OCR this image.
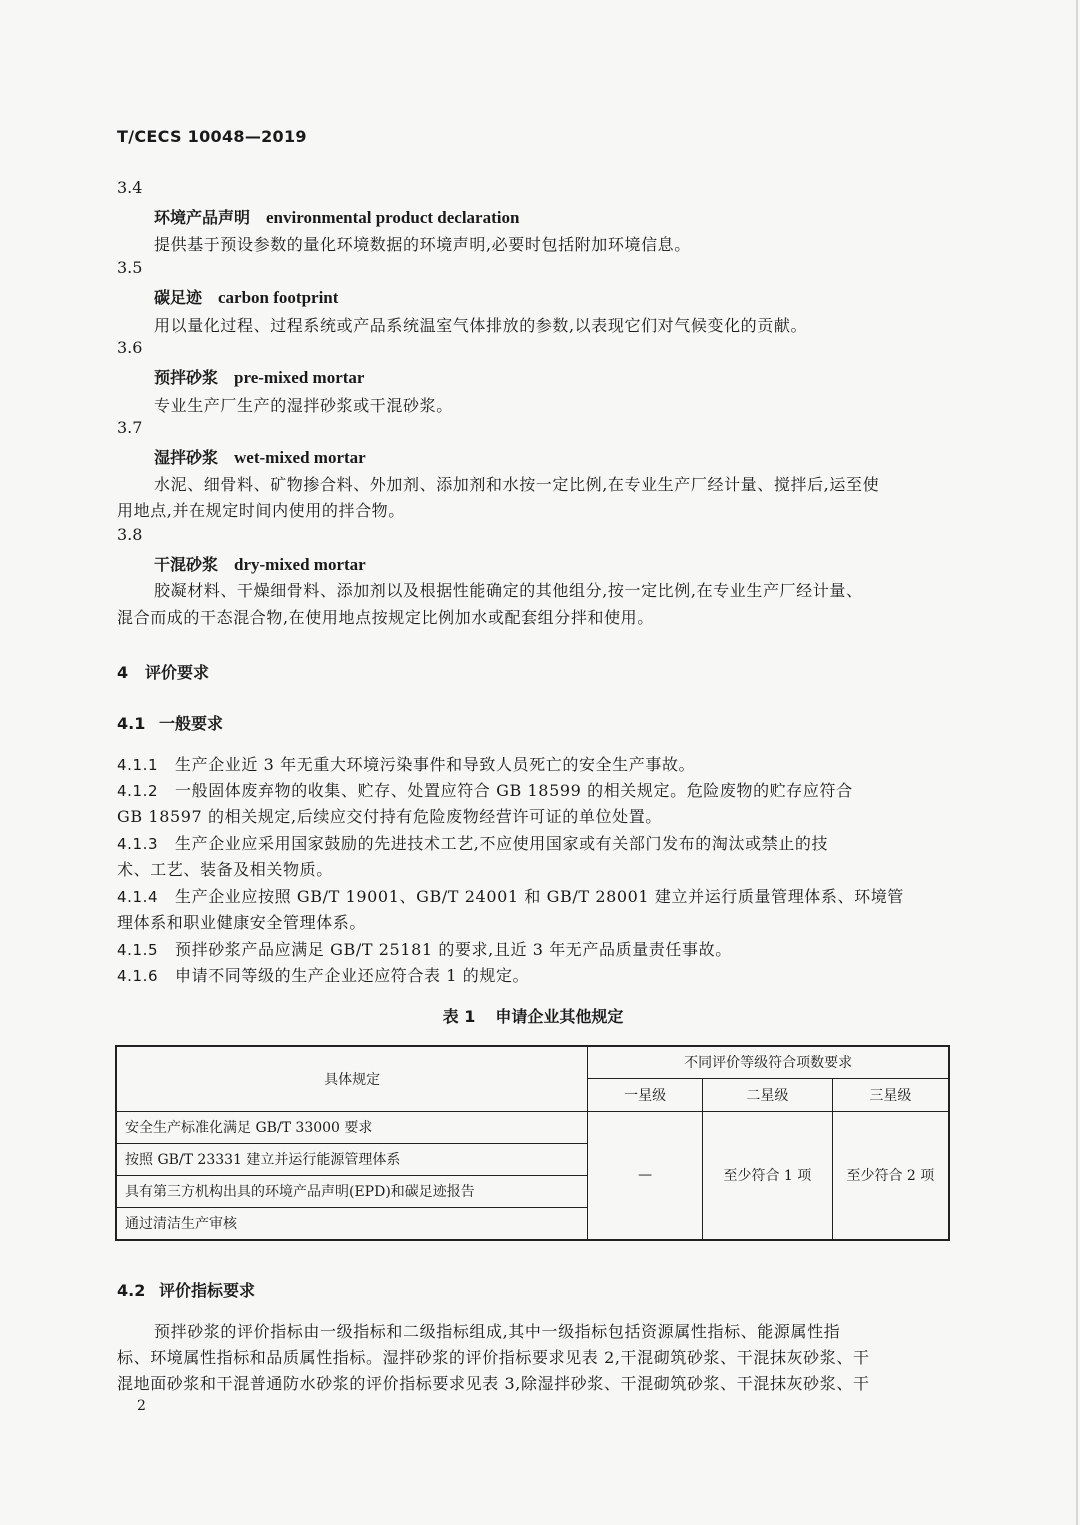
T/CECS 10048—2019
3.4
环境产品声明 environmental product declaration
提供基于预设参数的量化环境数据的环境声明,必要时包括附加环境信息。
3.5
碳足迹 carbon footprint
用以量化过程、过程系统或产品系统温室气体排放的参数,以表现它们对气候变化的贡献。
3.6
预拌砂浆 pre-mixed mortar
专业生产厂生产的湿拌砂浆或干混砂浆。
3.7
湿拌砂浆 wet-mixed mortar
水泥、细骨料、矿物掺合料、外加剂、添加剂和水按一定比例,在专业生产厂经计量、搅拌后,运至使
用地点,并在规定时间内使用的拌合物。
3.8
干混砂浆 dry-mixed mortar
胶凝材料、干燥细骨料、添加剂以及根据性能确定的其他组分,按一定比例,在专业生产厂经计量、
混合而成的干态混合物,在使用地点按规定比例加水或配套组分拌和使用。
4 评价要求
4.1 一般要求
4.1.1 生产企业近 3 年无重大环境污染事件和导致人员死亡的安全生产事故。
4.1.2 一般固体废弃物的收集、贮存、处置应符合 GB 18599 的相关规定。危险废物的贮存应符合
GB 18597 的相关规定,后续应交付持有危险废物经营许可证的单位处置。
4.1.3 生产企业应采用国家鼓励的先进技术工艺,不应使用国家或有关部门发布的淘汰或禁止的技
术、工艺、装备及相关物质。
4.1.4 生产企业应按照 GB/T 19001、GB/T 24001 和 GB/T 28001 建立并运行质量管理体系、环境管
理体系和职业健康安全管理体系。
4.1.5 预拌砂浆产品应满足 GB/T 25181 的要求,且近 3 年无产品质量责任事故。
4.1.6 申请不同等级的生产企业还应符合表 1 的规定。
表 1 申请企业其他规定
具体规定	不同评价等级符合项数要求		
	一星级	二星级	三星级
安全生产标准化满足 GB/T 33000 要求	—	至少符合 1 项	至少符合 2 项
按照 GB/T 23331 建立并运行能源管理体系			
具有第三方机构出具的环境产品声明(EPD)和碳足迹报告			
通过清洁生产审核			
4.2 评价指标要求
预拌砂浆的评价指标由一级指标和二级指标组成,其中一级指标包括资源属性指标、能源属性指
标、环境属性指标和品质属性指标。湿拌砂浆的评价指标要求见表 2,干混砌筑砂浆、干混抹灰砂浆、干
混地面砂浆和干混普通防水砂浆的评价指标要求见表 3,除湿拌砂浆、干混砌筑砂浆、干混抹灰砂浆、干
2
